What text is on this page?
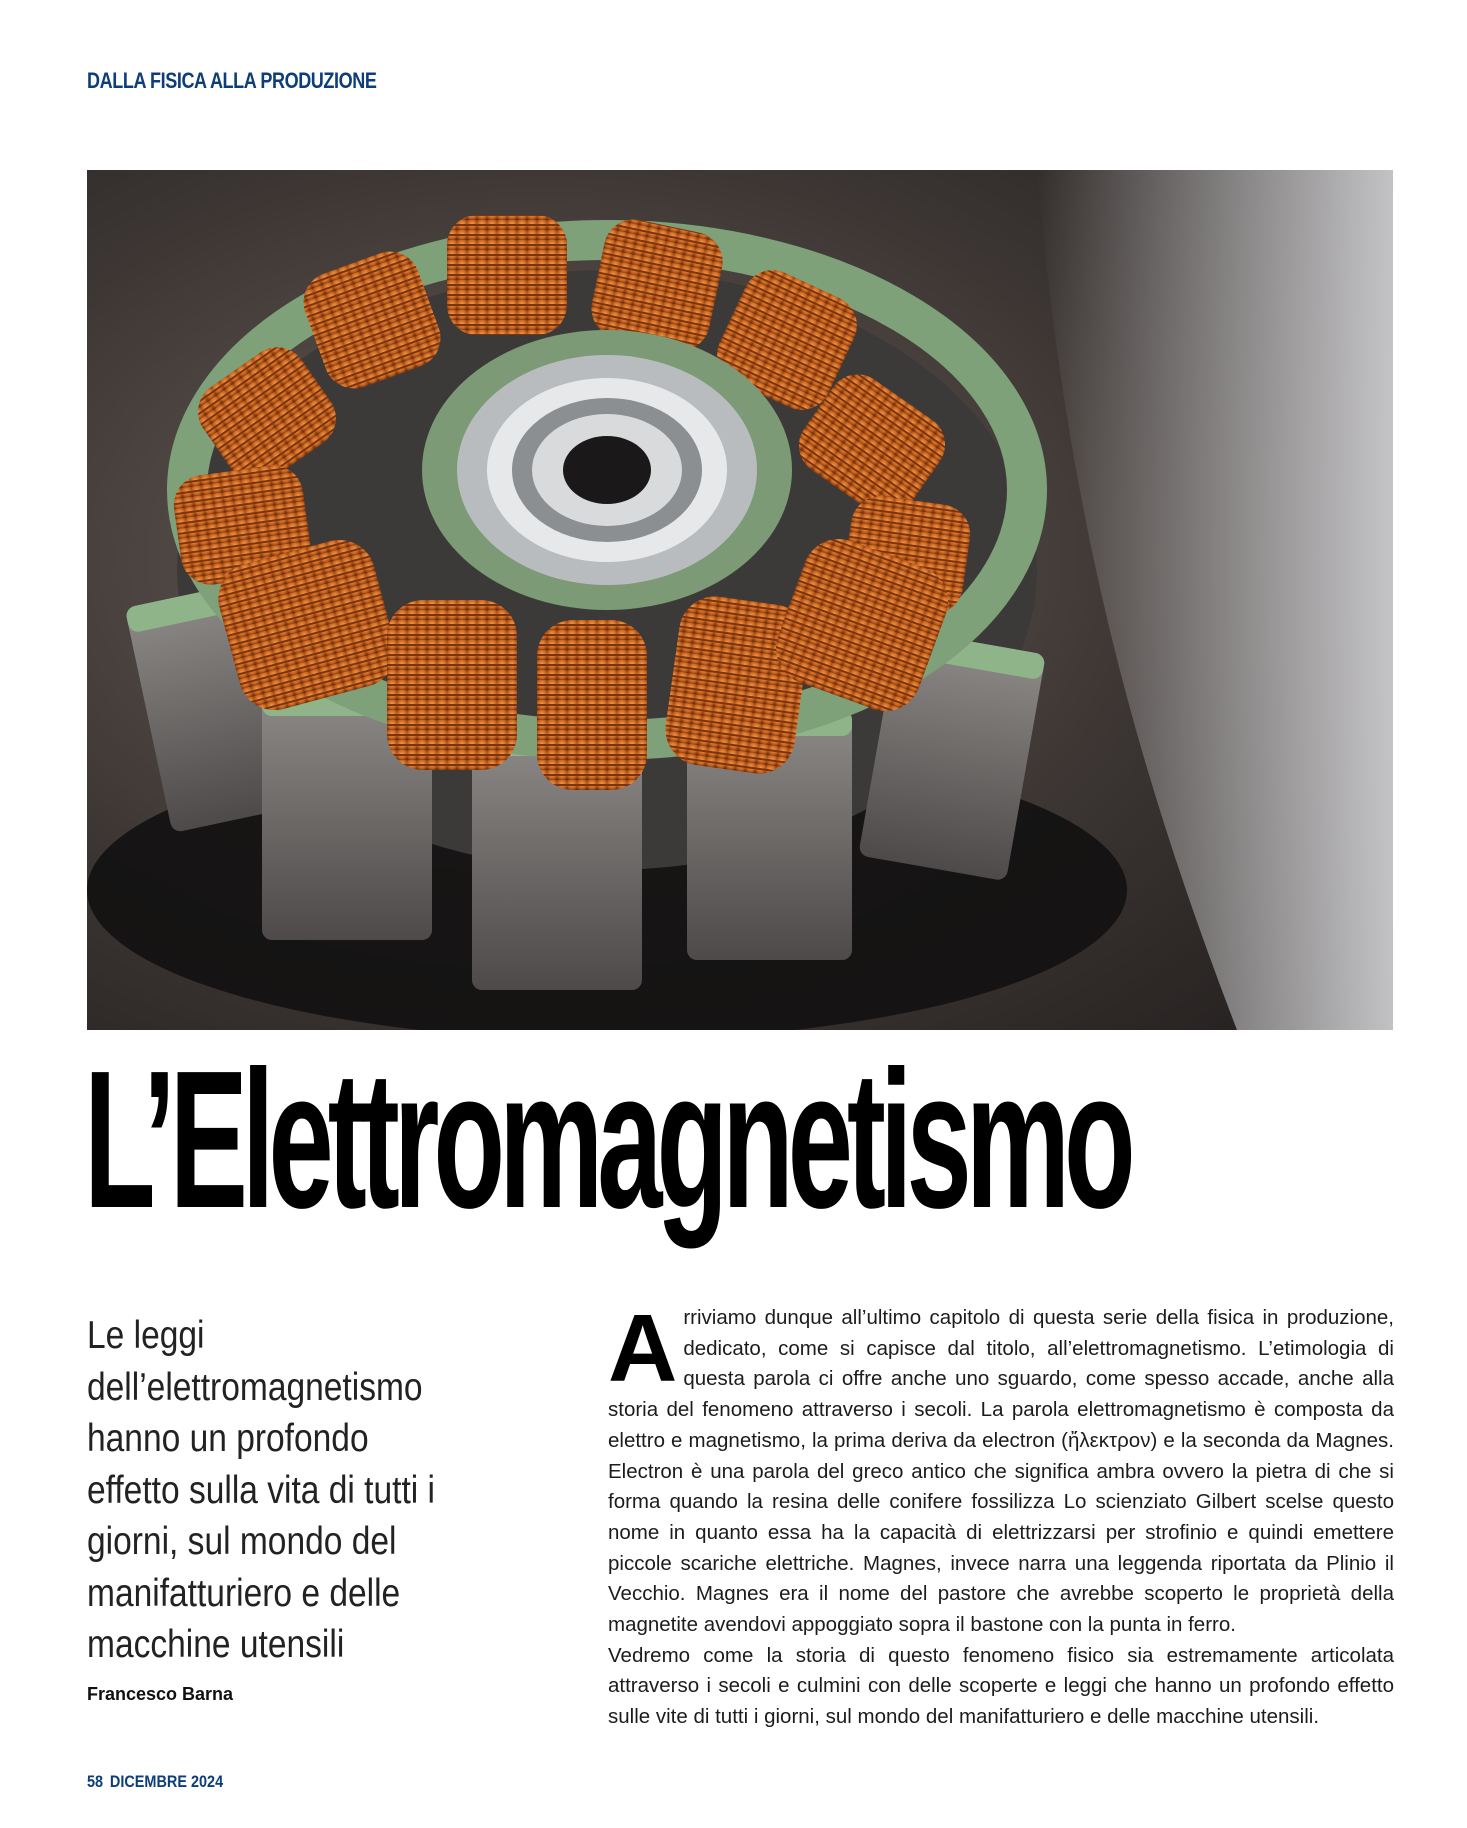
DALLA FISICA ALLA PRODUZIONE
L’Elettromagnetismo
Le leggi dell’elettromagnetismo hanno un profondo effetto sulla vita di tutti i giorni, sul mondo del manifatturiero e delle macchine utensili
Francesco Barna

Arriviamo dunque all’ultimo capitolo di questa serie della fisica in produzione, dedicato, come si capisce dal titolo, all’elettromagnetismo. L’etimologia di questa parola ci offre anche uno sguardo, come spesso accade, anche alla storia del fenomeno attraverso i secoli. La parola elettromagnetismo è composta da elettro e magnetismo, la prima deriva da electron (ἤλεκτρον) e la seconda da Magnes. Electron è una parola del greco antico che significa ambra ovvero la pietra di che si forma quando la resina delle conifere fossilizza Lo scienziato Gilbert scelse questo nome in quanto essa ha la capacità di elettrizzarsi per strofinio e quindi emettere piccole scariche elettriche. Magnes, invece narra una leggenda riportata da Plinio il Vecchio. Magnes era il nome del pastore che avrebbe scoperto le proprietà della magnetite avendovi appoggiato sopra il bastone con la punta in ferro.

Vedremo come la storia di questo fenomeno fisico sia estremamente articolata attraverso i secoli e culmini con delle scoperte e leggi che hanno un profondo effetto sulle vite di tutti i giorni, sul mondo del manifatturiero e delle macchine utensili.

58 DICEMBRE 2024
